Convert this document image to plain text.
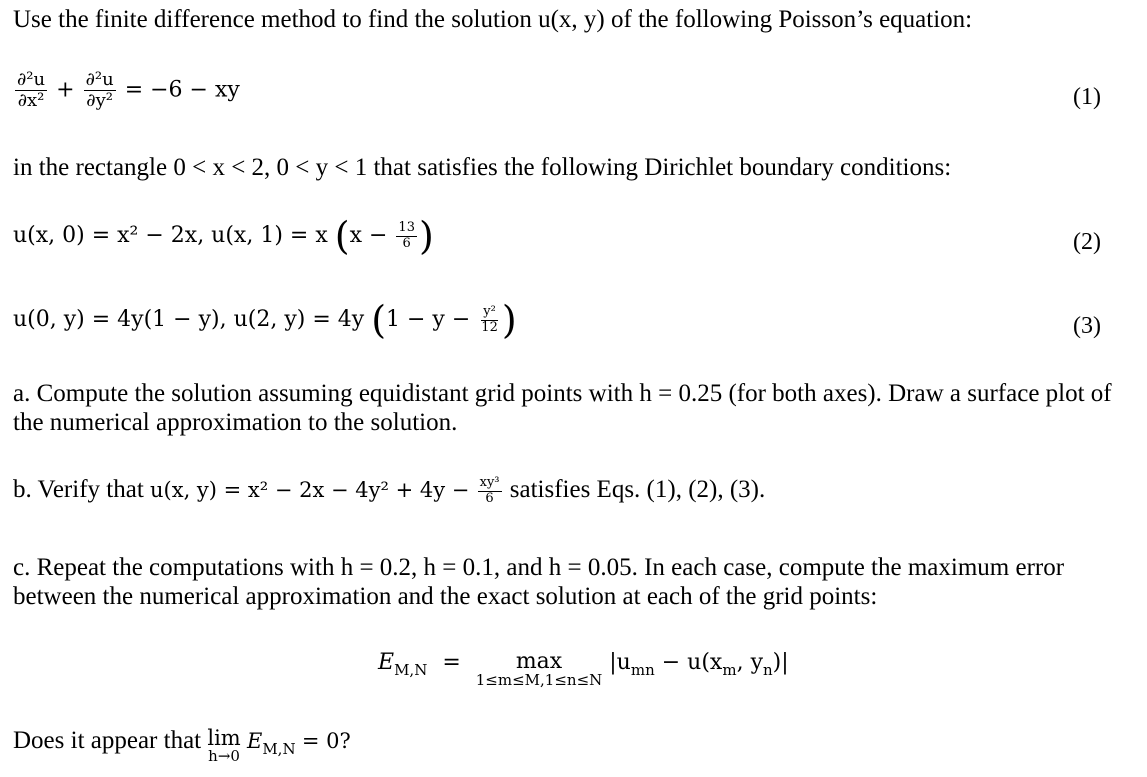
Use the finite difference method to find the solution u(x, y) of the following Poisson’s equation:
$\frac{\text{∂²u}}{\text{∂x²}} + \frac{\text{∂²u}}{\text{∂y²}} = -6$ − xy	(1)
in the rectangle 0 < x < 2, 0 < y < 1 that satisfies the following Dirichlet boundary conditions:
u(x, 0) = x² − 2x, u(x, 1) = x ($x - \frac{13}{6}$ )	(2)
u(0, y) = 4y(1 − y), u(2, y) = 4y ($1 - y - \frac{\text{y²}}{12}$ )	(3)
a. Compute the solution assuming equidistant grid points with h = 0.25 (for both axes). Draw a surface plot of the numerical approximation to the solution.
b. Verify that u(x, $y) = x^2 - 2x - 4y^2 + 4y - \frac{\text{xy³}}{6}$ satisfies Eqs. (1), (2), (3).
c. Repeat the computations with h = 0.2, h = 0.1, and h = 0.05. In each case, compute the maximum error between the numerical approximation and the exact solution at each of the grid points:
$E_{M,N}$ =	max
1≤m≤M,1≤n≤N
$|u_{mn} - u(x_m$, $y_n)|$
Does it appear that lim
h→0
$E_{M,N} = 0$?
